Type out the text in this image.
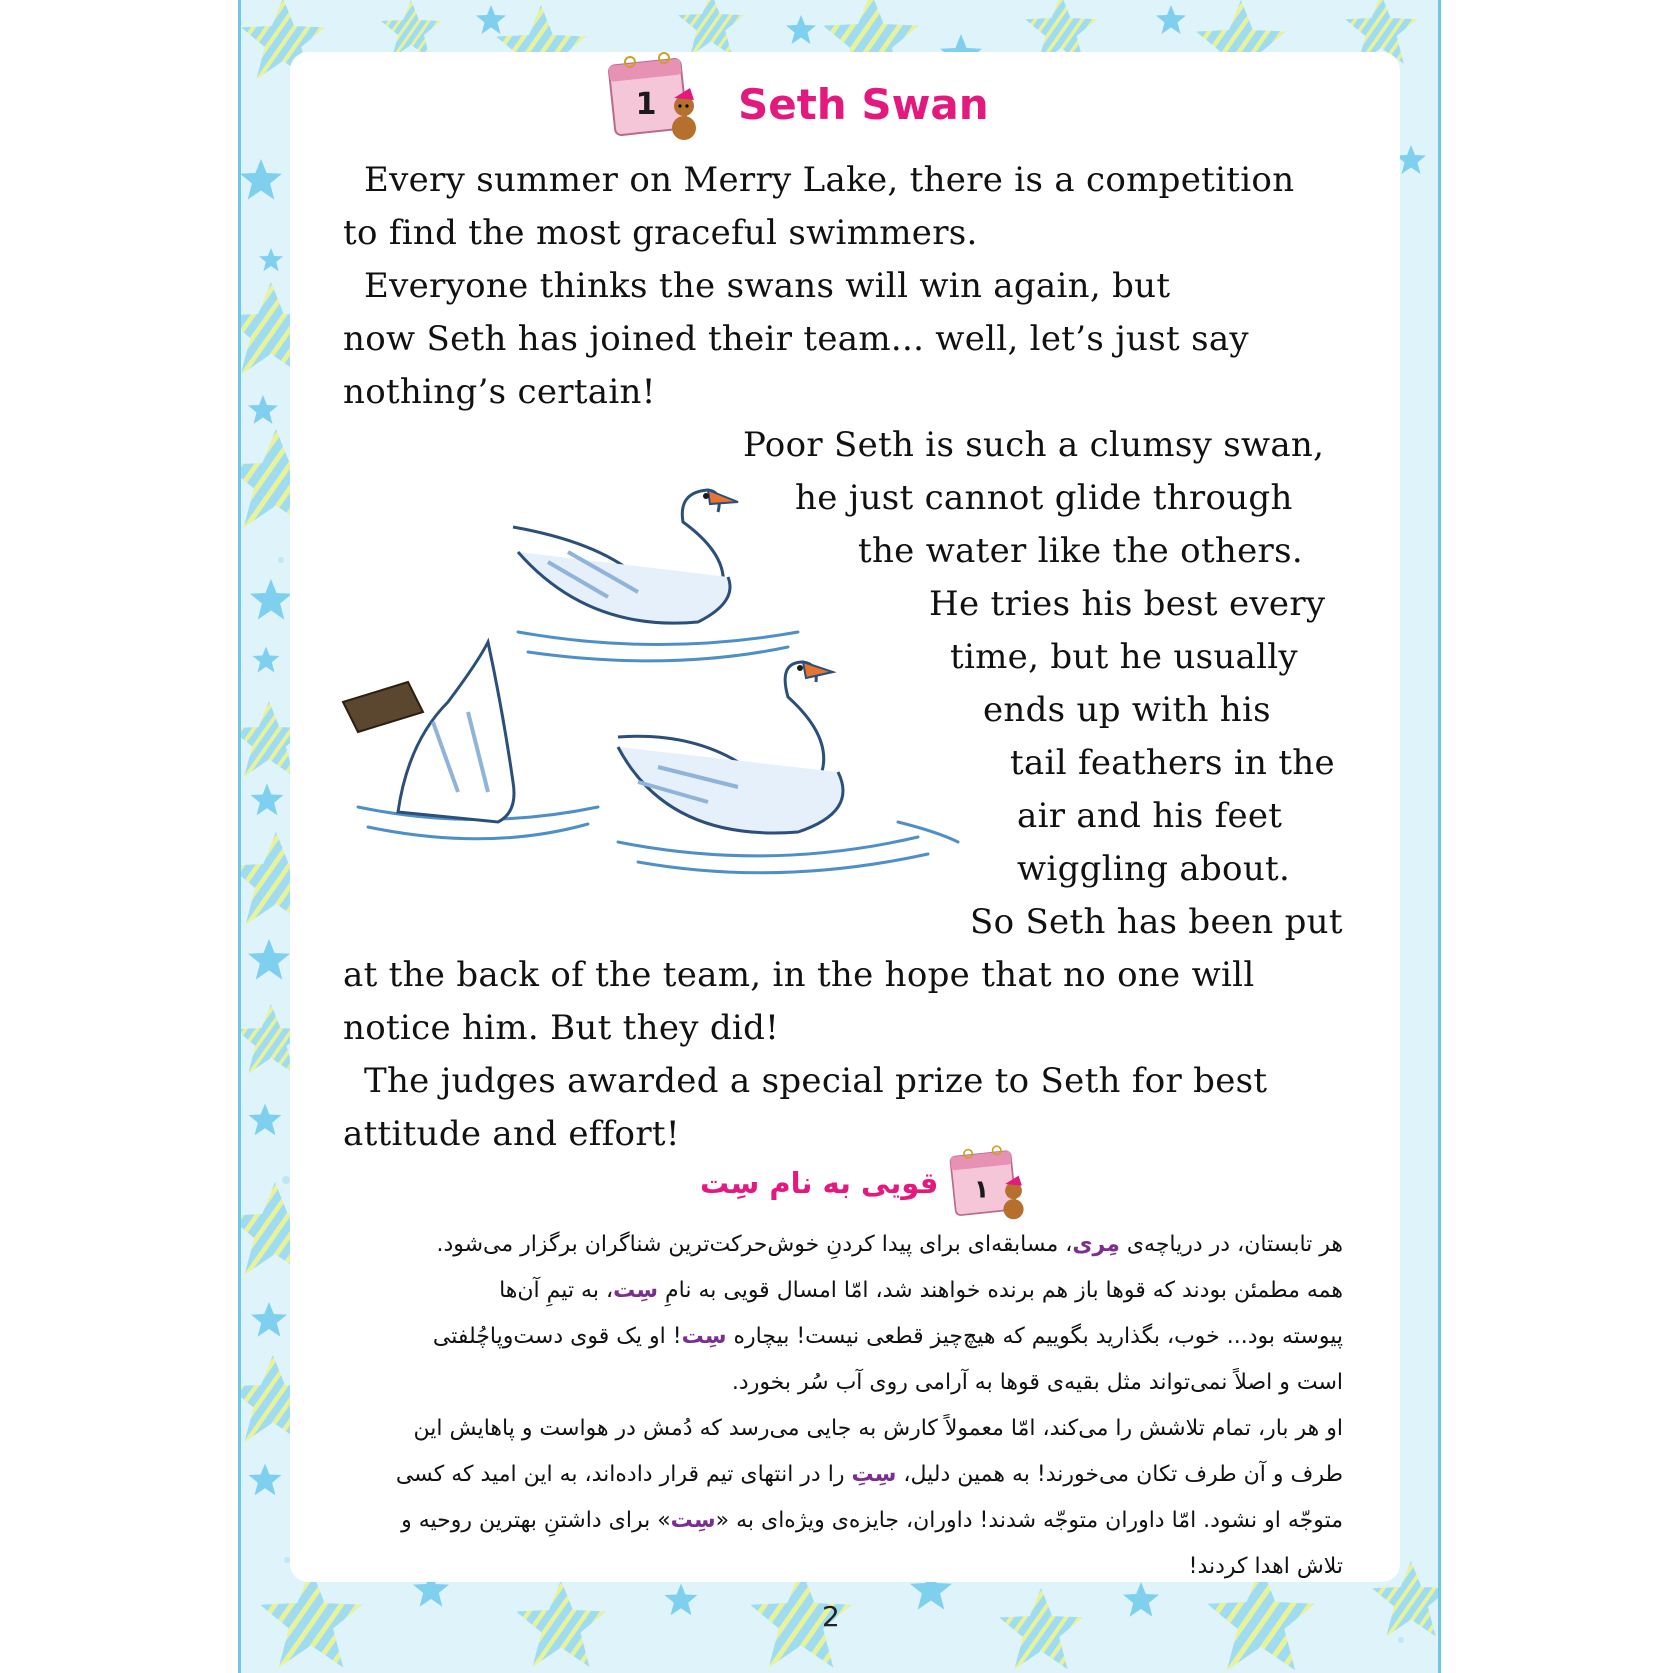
1 Seth Swan
Every summer on Merry Lake, there is a competition
to find the most graceful swimmers.
Everyone thinks the swans will win again, but
now Seth has joined their team... well, let’s just say
nothing’s certain!
Poor Seth is such a clumsy swan,
he just cannot glide through
the water like the others.
He tries his best every
time, but he usually
ends up with his
tail feathers in the
air and his feet
wiggling about.
So Seth has been put
at the back of the team, in the hope that no one will
notice him. But they did!
The judges awarded a special prize to Seth for best
attitude and effort!
قویی به نام سِت ۱
هر تابستان، در دریاچه‌ی مِری، مسابقه‌ای برای پیدا کردنِ خوش‌حرکت‌ترین شناگران برگزار می‌شود.
همه مطمئن بودند که قوها باز هم برنده خواهند شد، امّا امسال قویی به نامِ سِت، به تیمِ آن‌ها
پیوسته بود... خوب، بگذارید بگوییم که هیچ‌چیز قطعی نیست! بیچاره سِت! او یک قوی دست‌وپاچُلفتی
است و اصلاً نمی‌تواند مثل بقیه‌ی قوها به آرامی روی آب سُر بخورد.
او هر بار، تمام تلاشش را می‌کند، امّا معمولاً کارش به جایی می‌رسد که دُمش در هواست و پاهایش این
طرف و آن طرف تکان می‌خورند! به همین دلیل، سِتِ را در انتهای تیم قرار داده‌اند، به این امید که کسی
متوجّه او نشود. امّا داوران متوجّه شدند! داوران، جایزه‌ی ویژه‌ای به «سِت» برای داشتنِ بهترین روحیه و
تلاش اهدا کردند!
2
